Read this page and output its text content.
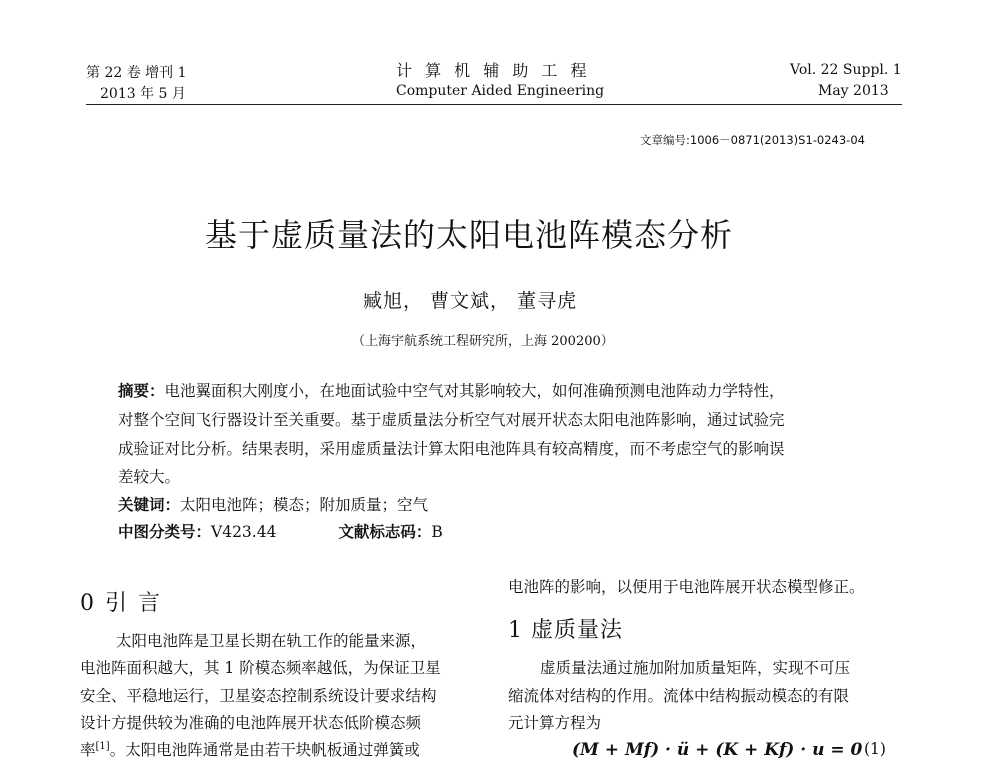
第 22 卷 增刊 1
2013 年 5 月
计 算 机 辅 助 工 程
Computer Aided Engineering
Vol. 22 Suppl. 1
May 2013
文章编号:1006－0871(2013)S1-0243-04
基于虚质量法的太阳电池阵模态分析
臧旭， 曹文斌， 董寻虎
（上海宇航系统工程研究所，上海 200200）
摘要：电池翼面积大刚度小，在地面试验中空气对其影响较大，如何准确预测电池阵动力学特性，
对整个空间飞行器设计至关重要。基于虚质量法分析空气对展开状态太阳电池阵影响，通过试验完
成验证对比分析。结果表明，采用虚质量法计算太阳电池阵具有较高精度，而不考虑空气的影响误
差较大。
关键词：太阳电池阵；模态；附加质量；空气
中图分类号：V423.44	文献标志码：B
0 引 言
太阳电池阵是卫星长期在轨工作的能量来源，
电池阵面积越大，其 1 阶模态频率越低，为保证卫星
安全、平稳地运行，卫星姿态控制系统设计要求结构
设计方提供较为准确的电池阵展开状态低阶模态频
率[1]。太阳电池阵通常是由若干块帆板通过弹簧或
电池阵的影响，以便用于电池阵展开状态模型修正。
1 虚质量法
虚质量法通过施加附加质量矩阵，实现不可压
缩流体对结构的作用。流体中结构振动模态的有限
元计算方程为
(M + Mf) · ü + (K + Kf) · u = 0 (1)
